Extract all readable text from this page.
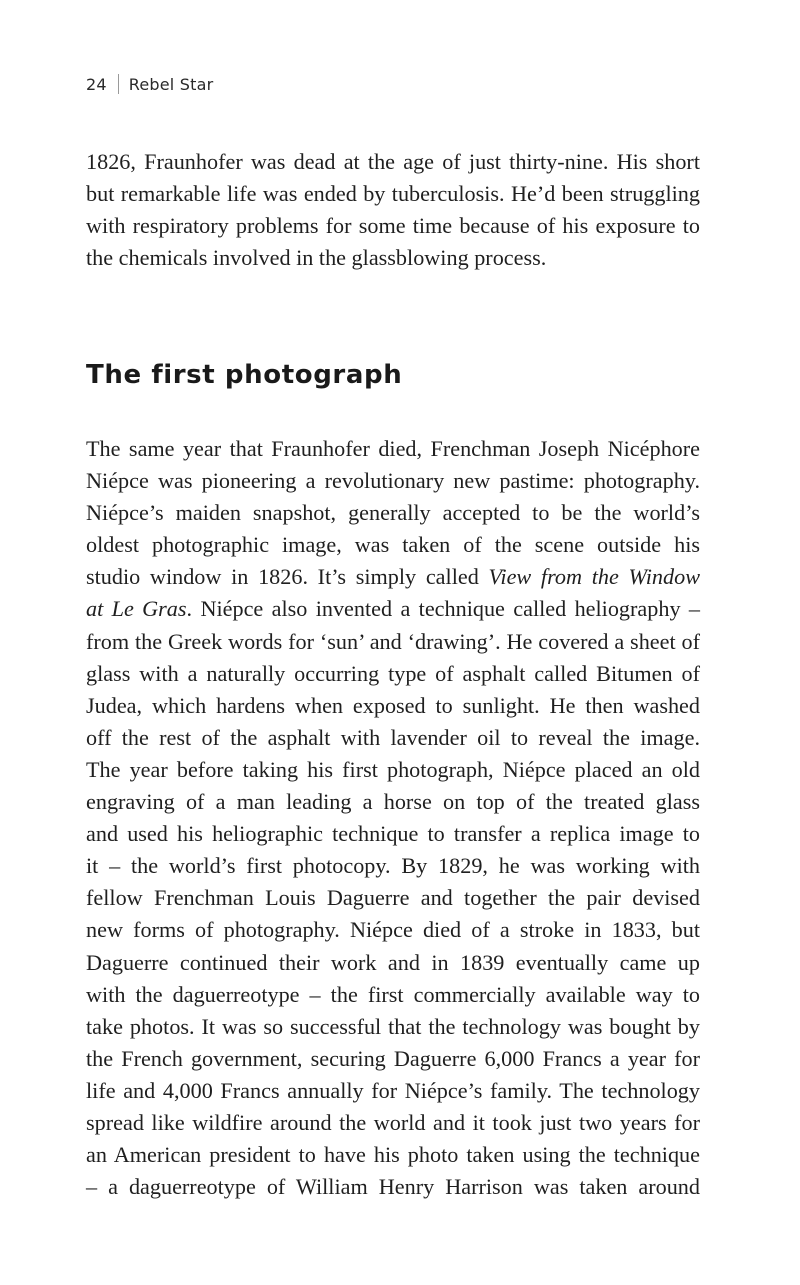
24 Rebel Star

1826, Fraunhofer was dead at the age of just thirty-nine. His short
but remarkable life was ended by tuberculosis. He’d been struggling
with respiratory problems for some time because of his exposure to
the chemicals involved in the glassblowing process.

The first photograph

The same year that Fraunhofer died, Frenchman Joseph Nicéphore
Niépce was pioneering a revolutionary new pastime: photography.
Niépce’s maiden snapshot, generally accepted to be the world’s
oldest photographic image, was taken of the scene outside his
studio window in 1826. It’s simply called View from the Window
at Le Gras. Niépce also invented a technique called heliography –
from the Greek words for ‘sun’ and ‘drawing’. He covered a sheet of
glass with a naturally occurring type of asphalt called Bitumen of
Judea, which hardens when exposed to sunlight. He then washed
off the rest of the asphalt with lavender oil to reveal the image.
The year before taking his first photograph, Niépce placed an old
engraving of a man leading a horse on top of the treated glass
and used his heliographic technique to transfer a replica image to
it – the world’s first photocopy. By 1829, he was working with
fellow Frenchman Louis Daguerre and together the pair devised
new forms of photography. Niépce died of a stroke in 1833, but
Daguerre continued their work and in 1839 eventually came up
with the daguerreotype – the first commercially available way to
take photos. It was so successful that the technology was bought by
the French government, securing Daguerre 6,000 Francs a year for
life and 4,000 Francs annually for Niépce’s family. The technology
spread like wildfire around the world and it took just two years for
an American president to have his photo taken using the technique
– a daguerreotype of William Henry Harrison was taken around
